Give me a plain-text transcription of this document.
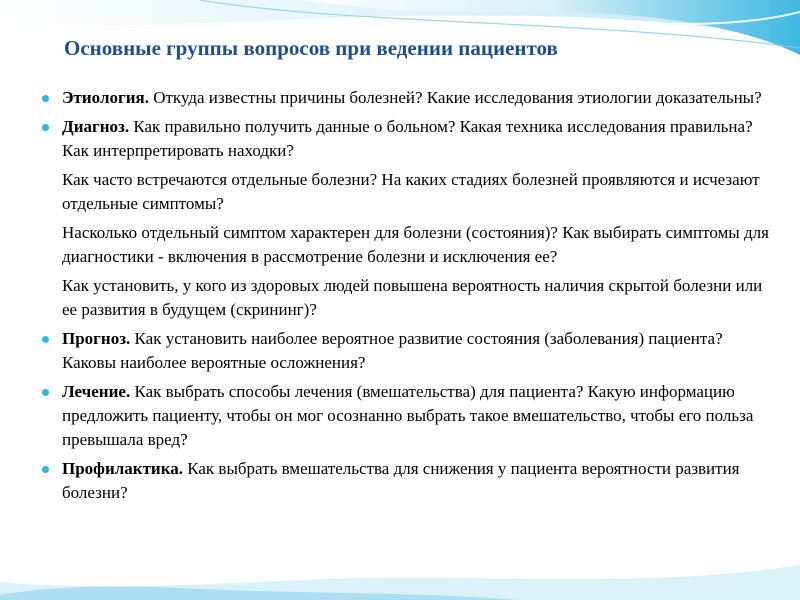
Основные группы вопросов при ведении пациентов
Этиология. Откуда известны причины болезней? Какие исследования этиологии доказательны?
Диагноз. Как правильно получить данные о больном? Какая техника исследования правильна? Как интерпретировать находки?
Как часто встречаются отдельные болезни? На каких стадиях болезней проявляются и исчезают отдельные симптомы?
Насколько отдельный симптом характерен для болезни (состояния)? Как выбирать симптомы для диагностики - включения в рассмотрение болезни и исключения ее?
Как установить, у кого из здоровых людей повышена вероятность наличия скрытой болезни или ее развития в будущем (скрининг)?
Прогноз. Как установить наиболее вероятное развитие состояния (заболевания) пациента? Каковы наиболее вероятные осложнения?
Лечение. Как выбрать способы лечения (вмешательства) для пациента? Какую информацию предложить пациенту, чтобы он мог осознанно выбрать такое вмешательство, чтобы его польза превышала вред?
Профилактика. Как выбрать вмешательства для снижения у пациента вероятности развития болезни?
